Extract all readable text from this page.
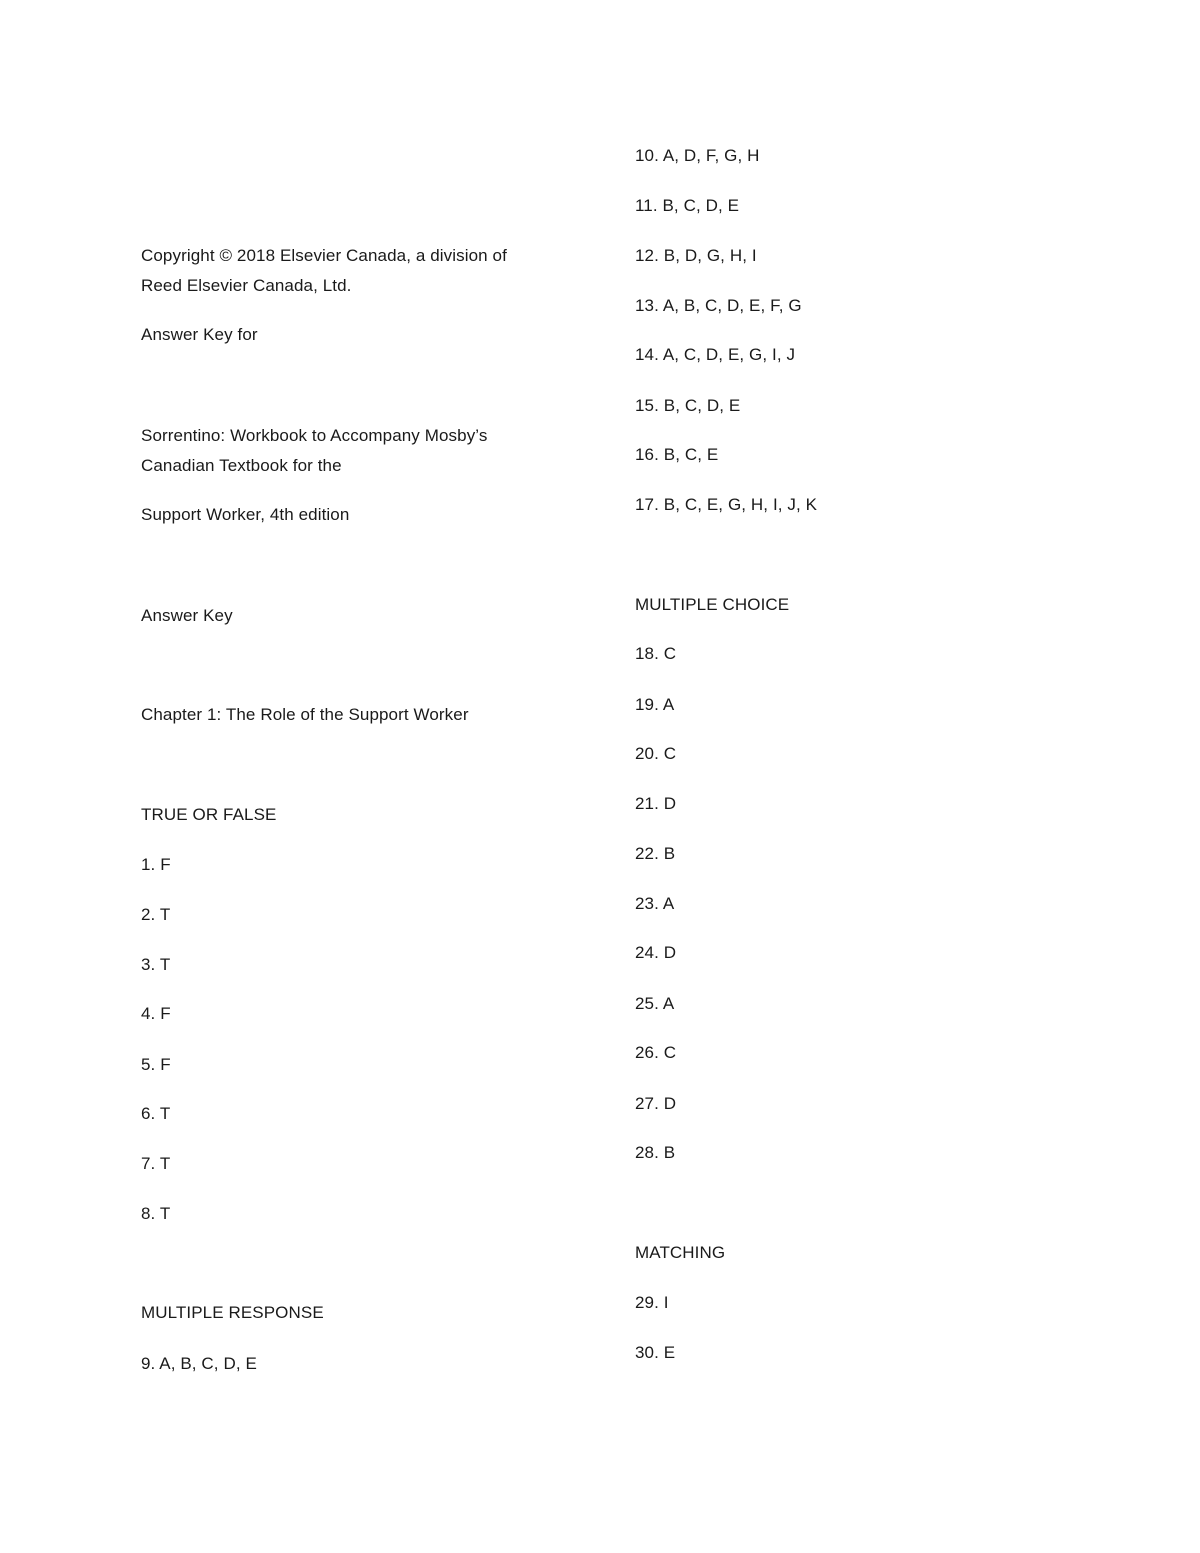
Copyright © 2018 Elsevier Canada, a division of
Reed Elsevier Canada, Ltd.
Answer Key for
Sorrentino: Workbook to Accompany Mosby’s
Canadian Textbook for the
Support Worker, 4th edition
Answer Key
Chapter 1: The Role of the Support Worker
TRUE OR FALSE
1. F
2. T
3. T
4. F
5. F
6. T
7. T
8. T
MULTIPLE RESPONSE
9. A, B, C, D, E
10. A, D, F, G, H
11. B, C, D, E
12. B, D, G, H, I
13. A, B, C, D, E, F, G
14. A, C, D, E, G, I, J
15. B, C, D, E
16. B, C, E
17. B, C, E, G, H, I, J, K
MULTIPLE CHOICE
18. C
19. A
20. C
21. D
22. B
23. A
24. D
25. A
26. C
27. D
28. B
MATCHING
29. I
30. E
